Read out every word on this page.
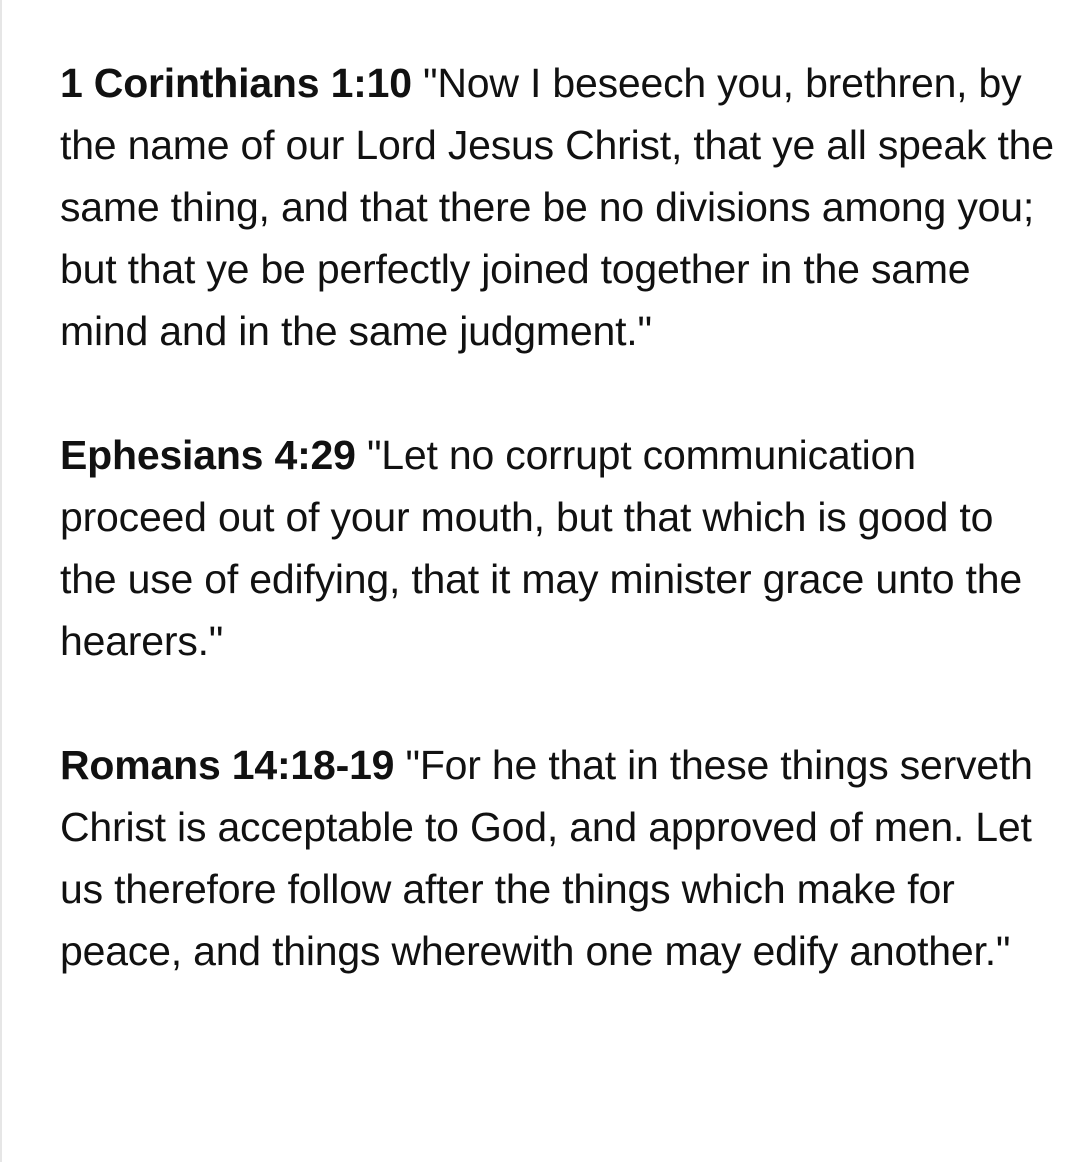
1 Corinthians 1:10 "Now I beseech you, brethren, by the name of our Lord Jesus Christ, that ye all speak the same thing, and that there be no divisions among you; but that ye be perfectly joined together in the same mind and in the same judgment."

Ephesians 4:29 "Let no corrupt communication proceed out of your mouth, but that which is good to the use of edifying, that it may minister grace unto the hearers."

Romans 14:18-19 "For he that in these things serveth Christ is acceptable to God, and approved of men. Let us therefore follow after the things which make for peace, and things wherewith one may edify another."
